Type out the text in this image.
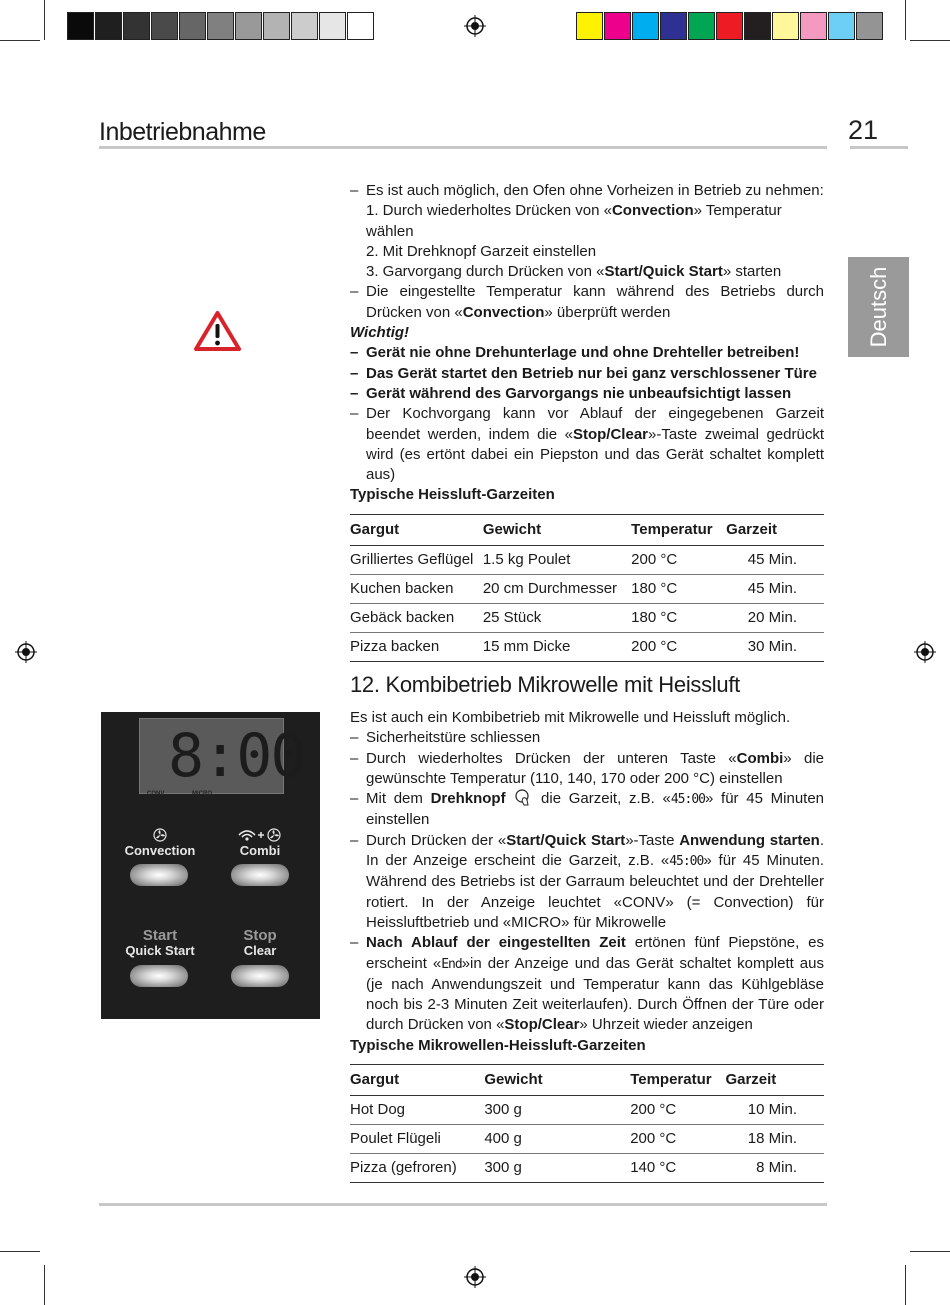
Inbetriebnahme	21
Deutsch

– Es ist auch möglich, den Ofen ohne Vorheizen in Betrieb zu nehmen:

1. Durch wiederholtes Drücken von «Convection» Temperatur wählen

2. Mit Drehknopf Garzeit einstellen

3. Garvorgang durch Drücken von «Start/Quick Start» starten

– Die eingestellte Temperatur kann während des Betriebs durch Drücken von «Convection» überprüft werden

Wichtig!

– Gerät nie ohne Drehunterlage und ohne Drehteller betreiben!

– Das Gerät startet den Betrieb nur bei ganz verschlossener Türe

– Gerät während des Garvorgangs nie unbeaufsichtigt lassen

– Der Kochvorgang kann vor Ablauf der eingegebenen Garzeit beendet werden, indem die «Stop/Clear»-Taste zweimal gedrückt wird (es ertönt dabei ein Piepston und das Gerät schaltet komplett aus)

Typische Heissluft-Garzeiten

Gargut	Gewicht	Temperatur	Garzeit
Grilliertes Geflügel	1.5 kg Poulet	200 °C	45 Min.
Kuchen backen	20 cm Durchmesser	180 °C	45 Min.
Gebäck backen	25 Stück	180 °C	20 Min.
Pizza backen	15 mm Dicke	200 °C	30 Min.
12. Kombibetrieb Mikrowelle mit Heissluft
8:00
CONV	MICRO
Convection	Combi
Start
Quick Start
Stop
Clear

Es ist auch ein Kombibetrieb mit Mikrowelle und Heissluft möglich.

– Sicherheitstüre schliessen

– Durch wiederholtes Drücken der unteren Taste «Combi» die gewünschte Temperatur (110, 140, 170 oder 200 °C) einstellen

– Mit dem Drehknopf  die Garzeit, z.B. «45:00» für 45 Minuten einstellen

– Durch Drücken der «Start/Quick Start»-Taste Anwendung starten. In der Anzeige erscheint die Garzeit, z.B. «45:00» für 45 Minuten. Während des Betriebs ist der Garraum beleuchtet und der Drehteller rotiert. In der Anzeige leuchtet «CONV» (= Convection) für Heissluftbetrieb und «MICRO» für Mikrowelle

– Nach Ablauf der eingestellten Zeit ertönen fünf Piepstöne, es erscheint «End»in der Anzeige und das Gerät schaltet komplett aus (je nach Anwendungszeit und Temperatur kann das Kühlgebläse noch bis 2-3 Minuten Zeit weiterlaufen). Durch Öffnen der Türe oder durch Drücken von «Stop/Clear» Uhrzeit wieder anzeigen

Typische Mikrowellen-Heissluft-Garzeiten

Gargut	Gewicht	Temperatur	Garzeit
Hot Dog	300 g	200 °C	10 Min.
Poulet Flügeli	400 g	200 °C	18 Min.
Pizza (gefroren)	300 g	140 °C	8 Min.
